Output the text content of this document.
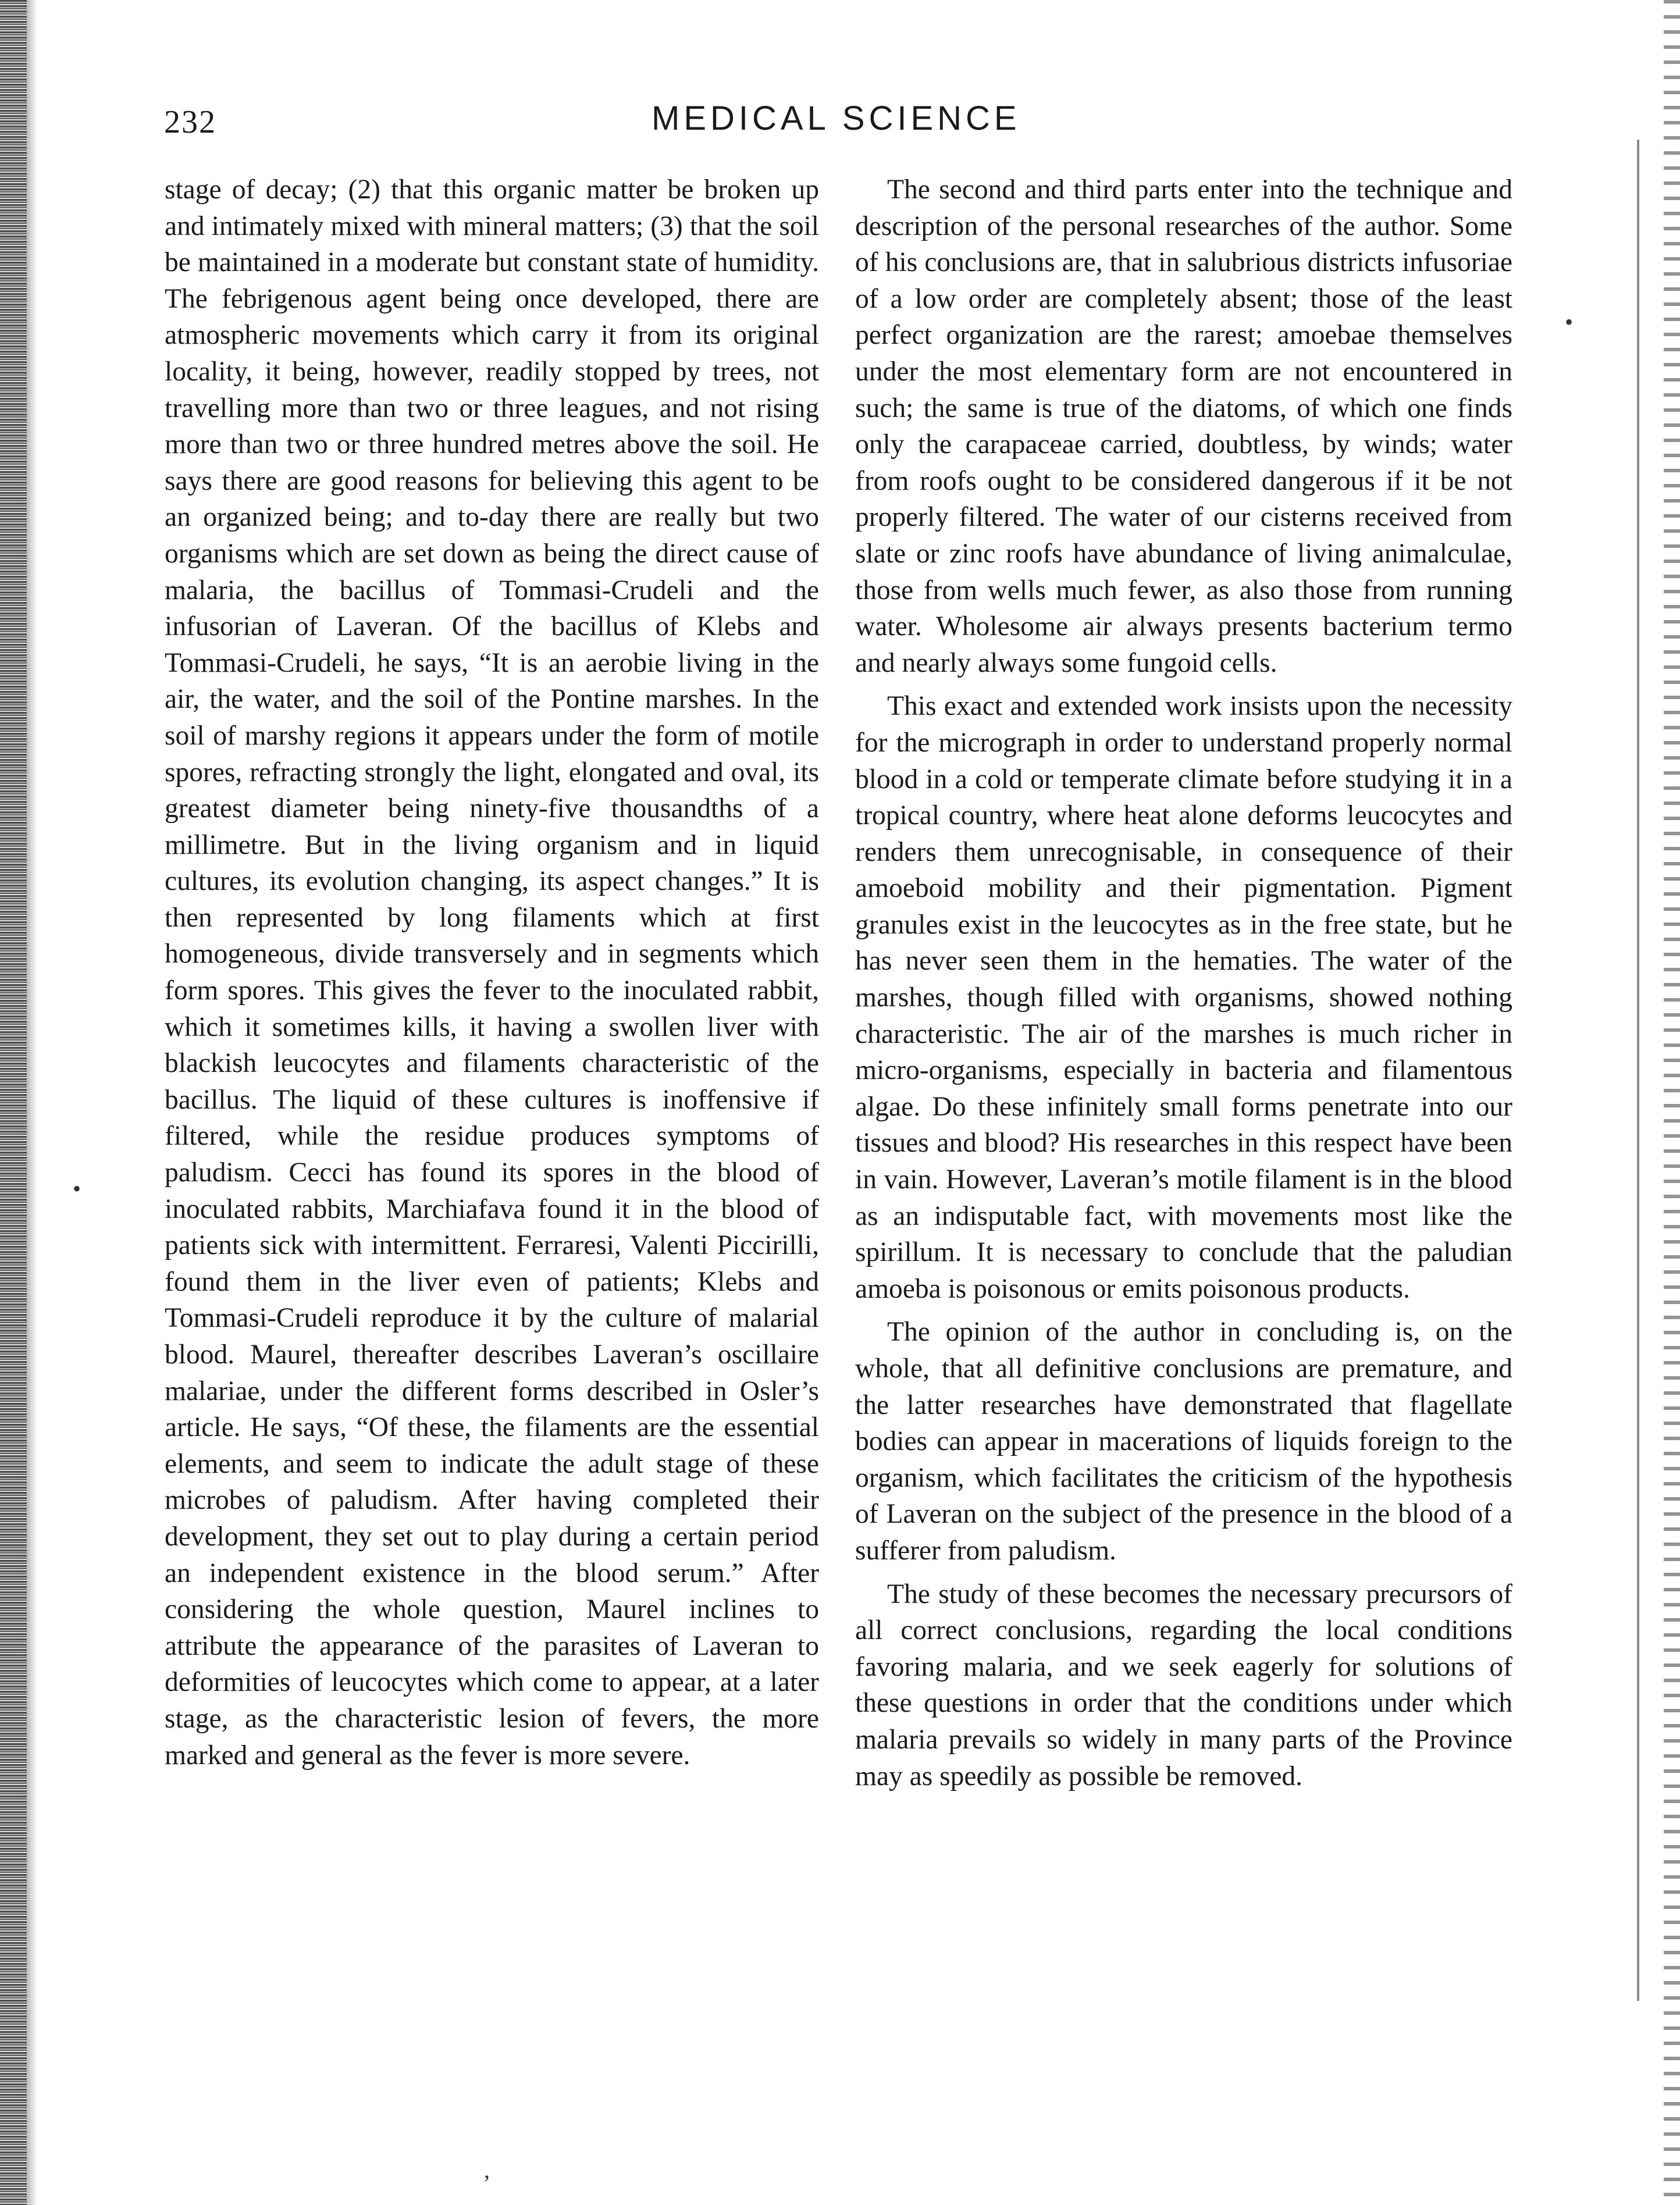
232	MEDICAL SCIENCE

stage of decay; (2) that this organic matter be broken up and intimately mixed with mineral matters; (3) that the soil be maintained in a moderate but constant state of humidity. The febrigenous agent being once developed, there are atmospheric movements which carry it from its original locality, it being, however, readily stopped by trees, not travelling more than two or three leagues, and not rising more than two or three hundred metres above the soil. He says there are good reasons for believing this agent to be an organized being; and to-day there are really but two organisms which are set down as being the direct cause of malaria, the bacillus of Tommasi-Crudeli and the infusorian of Laveran. Of the bacillus of Klebs and Tommasi-Crudeli, he says, “It is an aerobie living in the air, the water, and the soil of the Pontine marshes. In the soil of marshy regions it appears under the form of motile spores, refracting strongly the light, elongated and oval, its greatest diameter being ninety-five thousandths of a millimetre. But in the living organism and in liquid cultures, its evolution changing, its aspect changes.” It is then represented by long filaments which at first homogeneous, divide transversely and in segments which form spores. This gives the fever to the inoculated rabbit, which it sometimes kills, it having a swollen liver with blackish leucocytes and filaments characteristic of the bacillus. The liquid of these cultures is inoffensive if filtered, while the residue produces symptoms of paludism. Cecci has found its spores in the blood of inoculated rabbits, Marchiafava found it in the blood of patients sick with intermittent. Ferraresi, Valenti Piccirilli, found them in the liver even of patients; Klebs and Tommasi-Crudeli reproduce it by the culture of malarial blood. Maurel, thereafter describes Laveran’s oscillaire malariae, under the different forms described in Osler’s article. He says, “Of these, the filaments are the essential elements, and seem to indicate the adult stage of these microbes of paludism. After having completed their development, they set out to play during a certain period an independent existence in the blood serum.” After considering the whole question, Maurel inclines to attribute the appearance of the parasites of Laveran to deformities of leucocytes which come to appear, at a later stage, as the characteristic lesion of fevers, the more marked and general as the fever is more severe.

The second and third parts enter into the technique and description of the personal researches of the author. Some of his conclusions are, that in salubrious districts infusoriae of a low order are completely absent; those of the least perfect organization are the rarest; amoebae themselves under the most elementary form are not encountered in such; the same is true of the diatoms, of which one finds only the carapaceae carried, doubtless, by winds; water from roofs ought to be considered dangerous if it be not properly filtered. The water of our cisterns received from slate or zinc roofs have abundance of living animalculae, those from wells much fewer, as also those from running water. Wholesome air always presents bacterium termo and nearly always some fungoid cells.

This exact and extended work insists upon the necessity for the micrograph in order to understand properly normal blood in a cold or temperate climate before studying it in a tropical country, where heat alone deforms leucocytes and renders them unrecognisable, in consequence of their amoeboid mobility and their pigmentation. Pigment granules exist in the leucocytes as in the free state, but he has never seen them in the hematies. The water of the marshes, though filled with organisms, showed nothing characteristic. The air of the marshes is much richer in micro-organisms, especially in bacteria and filamentous algae. Do these infinitely small forms penetrate into our tissues and blood? His researches in this respect have been in vain. However, Laveran’s motile filament is in the blood as an indisputable fact, with movements most like the spirillum. It is necessary to conclude that the paludian amoeba is poisonous or emits poisonous products.

The opinion of the author in concluding is, on the whole, that all definitive conclusions are premature, and the latter researches have demonstrated that flagellate bodies can appear in macerations of liquids foreign to the organism, which facilitates the criticism of the hypothesis of Laveran on the subject of the presence in the blood of a sufferer from paludism.

The study of these becomes the necessary precursors of all correct conclusions, regarding the local conditions favoring malaria, and we seek eagerly for solutions of these questions in order that the conditions under which malaria prevails so widely in many parts of the Province may as speedily as possible be removed.

•
’
•
